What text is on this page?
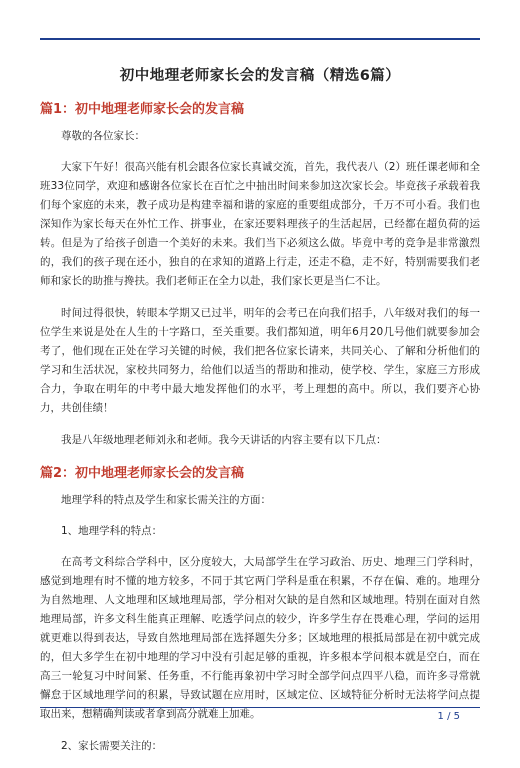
初中地理老师家长会的发言稿（精选6篇）
篇1：初中地理老师家长会的发言稿

尊敬的各位家长：

大家下午好！很高兴能有机会跟各位家长真诚交流，首先，我代表八（2）班任课老师和全班33位同学，欢迎和感谢各位家长在百忙之中抽出时间来参加这次家长会。毕竟孩子承载着我们每个家庭的未来，教子成功是构建幸福和谐的家庭的重要组成部分，千万不可小看。我们也深知作为家长每天在外忙工作、拼事业，在家还要料理孩子的生活起居，已经都在超负荷的运转。但是为了给孩子创造一个美好的未来。我们当下必须这么做。毕竟中考的竞争是非常激烈的，我们的孩子现在还小，独自的在求知的道路上行走，还走不稳，走不好，特别需要我们老师和家长的助推与搀扶。我们老师正在全力以赴，我们家长更是当仁不让。

时间过得很快，转眼本学期又已过半，明年的会考已在向我们招手，八年级对我们的每一位学生来说是处在人生的十字路口，至关重要。我们都知道，明年6月20几号他们就要参加会考了，他们现在正处在学习关键的时候，我们把各位家长请来，共同关心、了解和分析他们的学习和生活状况，家校共同努力，给他们以适当的帮助和推动，使学校、学生，家庭三方形成合力，争取在明年的中考中最大地发挥他们的水平，考上理想的高中。所以，我们要齐心协力，共创佳绩！

我是八年级地理老师刘永和老师。我今天讲话的内容主要有以下几点：

篇2：初中地理老师家长会的发言稿

地理学科的特点及学生和家长需关注的方面：

1、地理学科的特点：

在高考文科综合学科中，区分度较大，大局部学生在学习政治、历史、地理三门学科时，感觉到地理有时不懂的地方较多，不同于其它两门学科是重在积累，不存在偏、难的。地理分为自然地理、人文地理和区域地理局部，学分相对欠缺的是自然和区域地理。特别在面对自然地理局部，许多文科生能真正理解、吃透学问点的较少，许多学生存在畏难心理，学问的运用就更难以得到表达，导致自然地理局部在选择题失分多；区域地理的根抵局部是在初中就完成的，但大多学生在初中地理的学习中没有引起足够的重视，许多根本学问根本就是空白，而在高三一轮复习中时间紧、任务重，不行能再象初中学习时全部学问点四平八稳，而许多寻常就懈怠于区域地理学问的积累，导致试题在应用时，区域定位、区域特征分析时无法将学问点提取出来，想精确判读或者拿到高分就难上加难。

2、家长需要关注的：

1 / 5
